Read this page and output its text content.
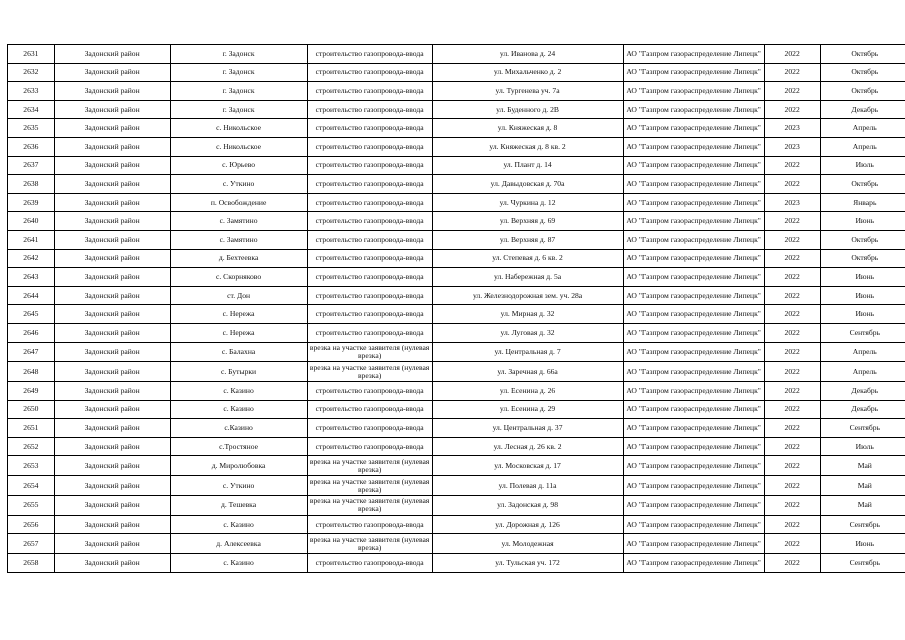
2631	Задонский район	г. Задонск	строительство газопровода-ввода	ул. Иванова д. 24	АО "Газпром газораспределение Липецк"	2022	Октябрь
2632	Задонский район	г. Задонск	строительство газопровода-ввода	ул. Михальченко д. 2	АО "Газпром газораспределение Липецк"	2022	Октябрь
2633	Задонский район	г. Задонск	строительство газопровода-ввода	ул. Тургенева уч. 7а	АО "Газпром газораспределение Липецк"	2022	Октябрь
2634	Задонский район	г. Задонск	строительство газопровода-ввода	ул. Буденного д. 2В	АО "Газпром газораспределение Липецк"	2022	Декабрь
2635	Задонский район	с. Никольское	строительство газопровода-ввода	ул. Княжеская д. 8	АО "Газпром газораспределение Липецк"	2023	Апрель
2636	Задонский район	с. Никольское	строительство газопровода-ввода	ул. Княжеская д. 8 кв. 2	АО "Газпром газораспределение Липецк"	2023	Апрель
2637	Задонский район	с. Юрьево	строительство газопровода-ввода	ул. Плант д. 14	АО "Газпром газораспределение Липецк"	2022	Июль
2638	Задонский район	с. Уткино	строительство газопровода-ввода	ул. Давыдовская д. 70а	АО "Газпром газораспределение Липецк"	2022	Октябрь
2639	Задонский район	п. Освобождение	строительство газопровода-ввода	ул. Чуркина д. 12	АО "Газпром газораспределение Липецк"	2023	Январь
2640	Задонский район	с. Замятино	строительство газопровода-ввода	ул. Верхняя д. 69	АО "Газпром газораспределение Липецк"	2022	Июнь
2641	Задонский район	с. Замятино	строительство газопровода-ввода	ул. Верхняя д. 87	АО "Газпром газораспределение Липецк"	2022	Октябрь
2642	Задонский район	д. Бехтеевка	строительство газопровода-ввода	ул. Степевая д. 6 кв. 2	АО "Газпром газораспределение Липецк"	2022	Октябрь
2643	Задонский район	с. Скорняково	строительство газопровода-ввода	ул. Набережная д. 5а	АО "Газпром газораспределение Липецк"	2022	Июнь
2644	Задонский район	ст. Дон	строительство газопровода-ввода	ул. Железнодорожная зем. уч. 28а	АО "Газпром газораспределение Липецк"	2022	Июнь
2645	Задонский район	с. Нережа	строительство газопровода-ввода	ул. Мирная д. 32	АО "Газпром газораспределение Липецк"	2022	Июнь
2646	Задонский район	с. Нережа	строительство газопровода-ввода	ул. Луговая д. 32	АО "Газпром газораспределение Липецк"	2022	Сентябрь
2647	Задонский район	с. Балахна	врезка на участке заявителя (нулевая врезка)	ул. Центральная д. 7	АО "Газпром газораспределение Липецк"	2022	Апрель
2648	Задонский район	с. Бутырки	врезка на участке заявителя (нулевая врезка)	ул. Заречная д. 66а	АО "Газпром газораспределение Липецк"	2022	Апрель
2649	Задонский район	с. Казино	строительство газопровода-ввода	ул. Есенина д. 26	АО "Газпром газораспределение Липецк"	2022	Декабрь
2650	Задонский район	с. Казино	строительство газопровода-ввода	ул. Есенина д. 29	АО "Газпром газораспределение Липецк"	2022	Декабрь
2651	Задонский район	с.Казино	строительство газопровода-ввода	ул. Центральная д. 37	АО "Газпром газораспределение Липецк"	2022	Сентябрь
2652	Задонский район	с.Тростяное	строительство газопровода-ввода	ул. Лесная д. 26 кв. 2	АО "Газпром газораспределение Липецк"	2022	Июль
2653	Задонский район	д. Миролюбовка	врезка на участке заявителя (нулевая врезка)	ул. Московская д. 17	АО "Газпром газораспределение Липецк"	2022	Май
2654	Задонский район	с. Уткино	врезка на участке заявителя (нулевая врезка)	ул. Полевая д. 11а	АО "Газпром газораспределение Липецк"	2022	Май
2655	Задонский район	д. Тешевка	врезка на участке заявителя (нулевая врезка)	ул. Задонская д. 98	АО "Газпром газораспределение Липецк"	2022	Май
2656	Задонский район	с. Казино	строительство газопровода-ввода	ул. Дорожная д. 126	АО "Газпром газораспределение Липецк"	2022	Сентябрь
2657	Задонский район	д. Алексеевка	врезка на участке заявителя (нулевая врезка)	ул. Молодежная	АО "Газпром газораспределение Липецк"	2022	Июнь
2658	Задонский район	с. Казино	строительство газопровода-ввода	ул. Тульская уч. 172	АО "Газпром газораспределение Липецк"	2022	Сентябрь
